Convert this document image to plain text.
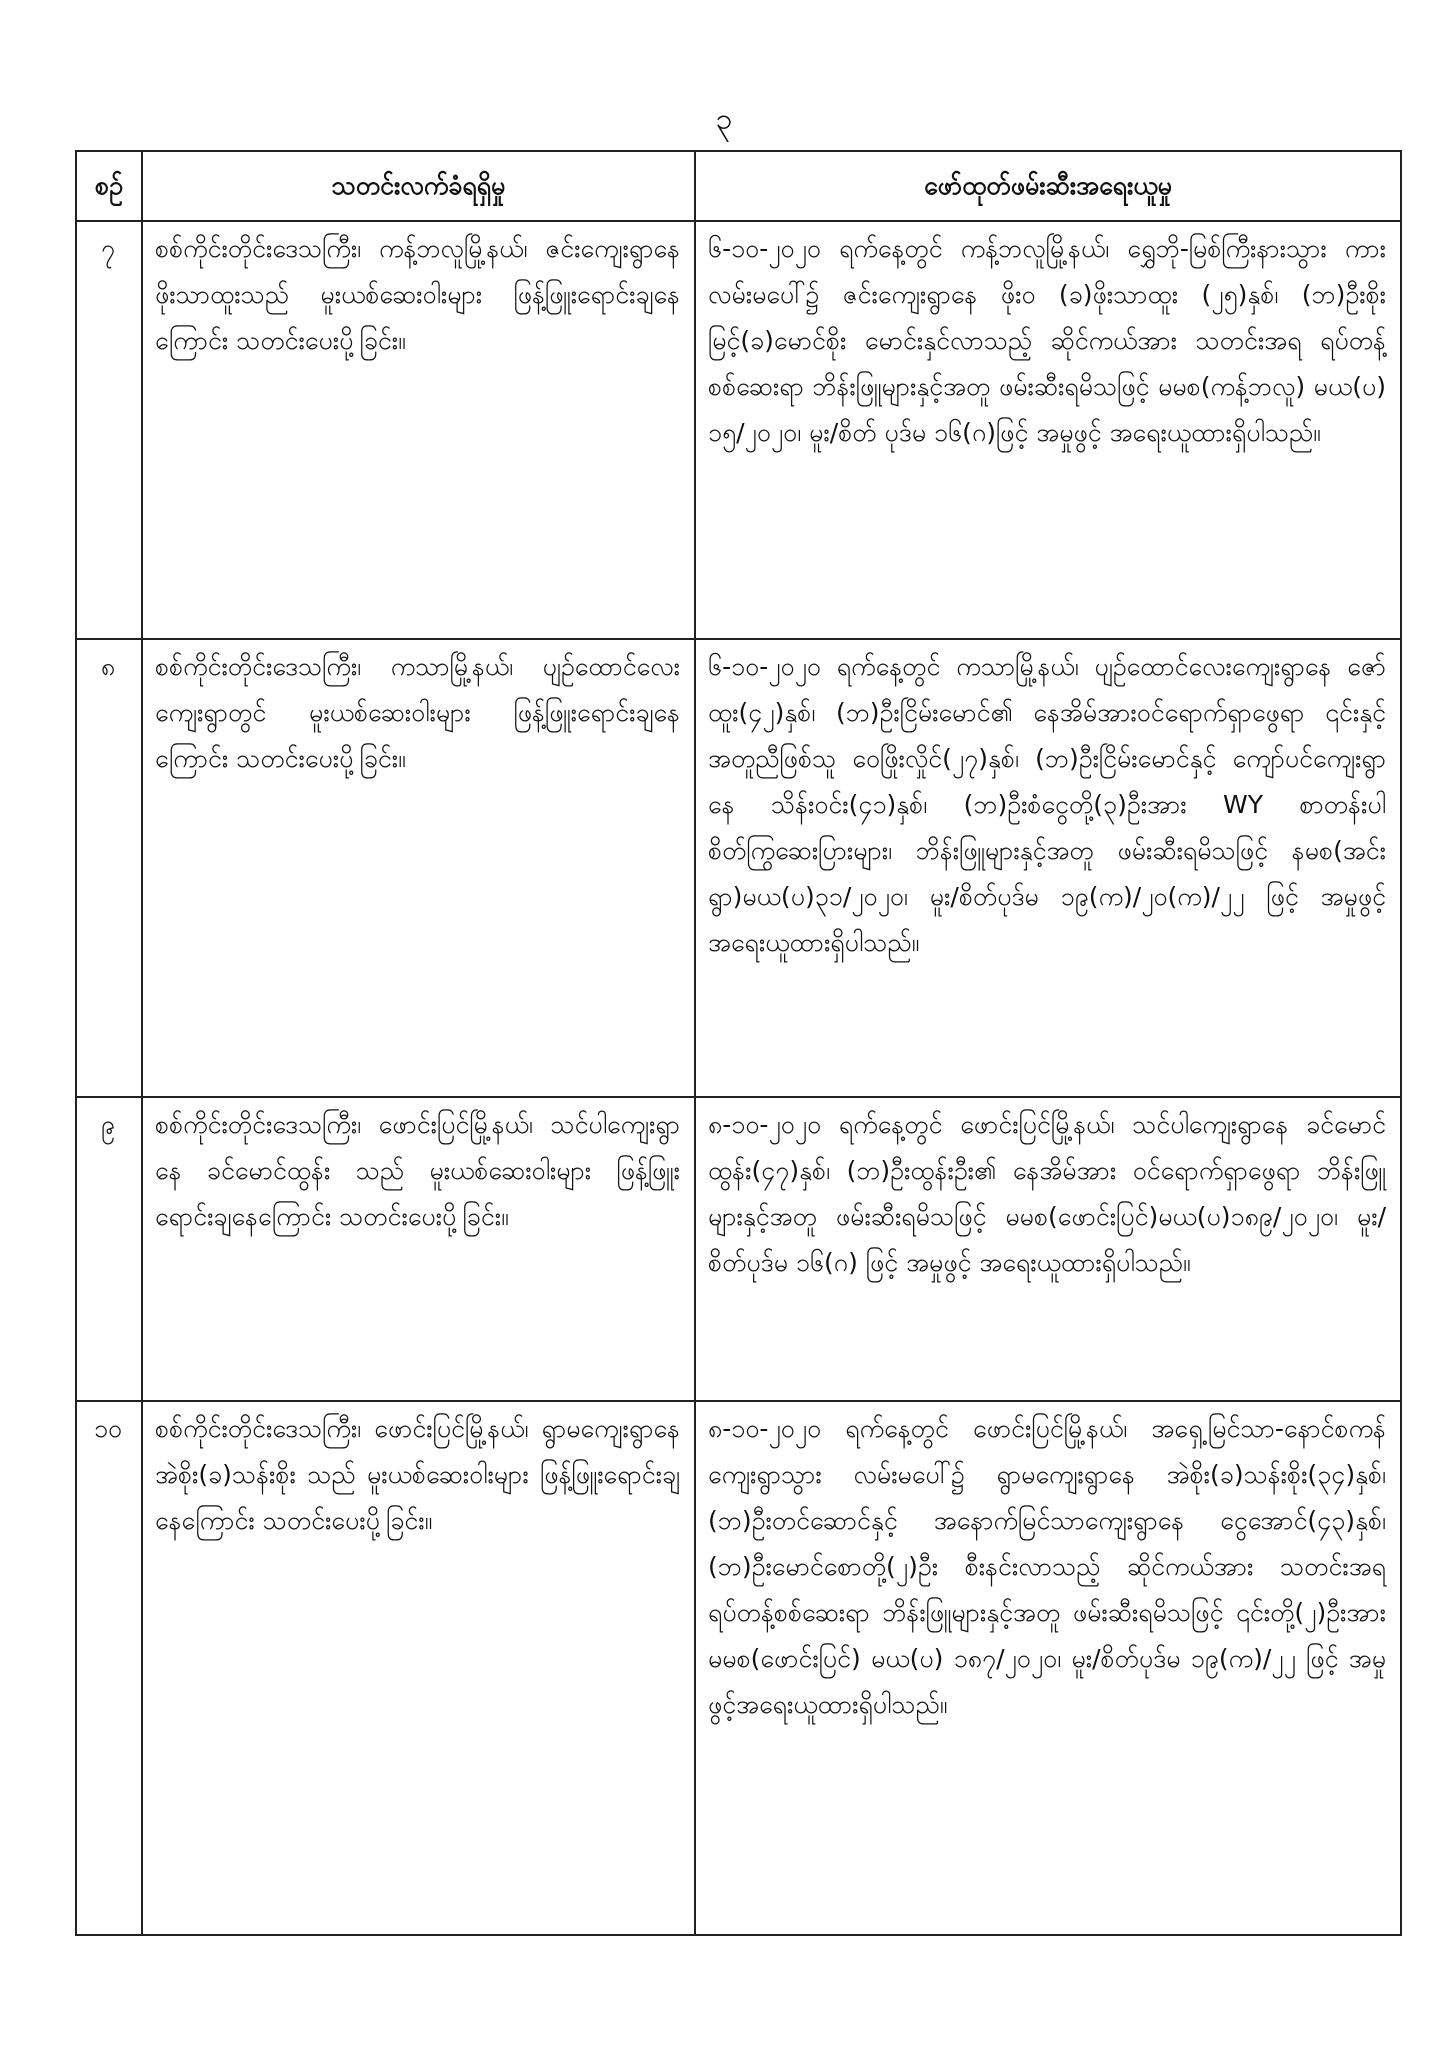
၃
စဉ်	သတင်းလက်ခံရရှိမှု	ဖော်ထုတ်ဖမ်းဆီးအရေးယူမှု
၇	စစ်ကိုင်းတိုင်းဒေသကြီး၊ ကန့်ဘလူမြို့နယ်၊ ဇင်းကျေးရွာနေ ဖိုးသာထူးသည် မူးယစ်ဆေးဝါးများ ဖြန့်ဖြူးရောင်းချနေကြောင်း သတင်းပေးပို့ခြင်း။	၆-၁၀-၂၀၂၀ ရက်နေ့တွင် ကန့်ဘလူမြို့နယ်၊ ရွှေဘို-မြစ်ကြီးနားသွား ကားလမ်းမပေါ်၌ ဇင်းကျေးရွာနေ ဖိုးဝ (ခ)ဖိုးသာထူး (၂၅)နှစ်၊ (ဘ)ဦးစိုးမြင့်(ခ)မောင်စိုး မောင်းနှင်လာသည့် ဆိုင်ကယ်အား သတင်းအရ ရပ်တန့်စစ်ဆေးရာ ဘိန်းဖြူများနှင့်အတူ ဖမ်းဆီးရမိသဖြင့် မမစ(ကန့်ဘလူ) မယ(ပ) ၁၅/၂၀၂၀၊ မူး/စိတ် ပုဒ်မ ၁၆(ဂ)ဖြင့် အမှုဖွင့် အရေးယူထားရှိပါသည်။
၈	စစ်ကိုင်းတိုင်းဒေသကြီး၊ ကသာမြို့နယ်၊ ပျဉ်ထောင်လေးကျေးရွာတွင် မူးယစ်ဆေးဝါးများ ဖြန့်ဖြူးရောင်းချနေကြောင်း သတင်းပေးပို့ခြင်း။	၆-၁၀-၂၀၂၀ ရက်နေ့တွင် ကသာမြို့နယ်၊ ပျဉ်ထောင်လေးကျေးရွာနေ ဇော်ထူး(၄၂)နှစ်၊ (ဘ)ဦးငြိမ်းမောင်၏ နေအိမ်အားဝင်ရောက်ရှာဖွေရာ ၎င်းနှင့်အတူညီဖြစ်သူ ဝေဖြိုးလှိုင်(၂၇)နှစ်၊ (ဘ)ဦးငြိမ်းမောင်နှင့် ကျော်ပင်ကျေးရွာနေ သိန်းဝင်း(၄၁)နှစ်၊ (ဘ)ဦးစံငွေတို့(၃)ဦးအား WY စာတန်းပါ စိတ်ကြွဆေးပြားများ၊ ဘိန်းဖြူများနှင့်အတူ ဖမ်းဆီးရမိသဖြင့် နမစ(အင်းရွာ)မယ(ပ)၃၁/၂၀၂၀၊ မူး/စိတ်ပုဒ်မ ၁၉(က)/၂၀(က)/၂၂ ဖြင့် အမှုဖွင့် အရေးယူထားရှိပါသည်။
၉	စစ်ကိုင်းတိုင်းဒေသကြီး၊ ဖောင်းပြင်မြို့နယ်၊ သင်ပါကျေးရွာနေ ခင်မောင်ထွန်း သည် မူးယစ်ဆေးဝါးများ ဖြန့်ဖြူးရောင်းချနေကြောင်း သတင်းပေးပို့ခြင်း။	၈-၁၀-၂၀၂၀ ရက်နေ့တွင် ဖောင်းပြင်မြို့နယ်၊ သင်ပါကျေးရွာနေ ခင်မောင်ထွန်း(၄၇)နှစ်၊ (ဘ)ဦးထွန်းဦး၏ နေအိမ်အား ဝင်ရောက်ရှာဖွေရာ ဘိန်းဖြူများနှင့်အတူ ဖမ်းဆီးရမိသဖြင့် မမစ(ဖောင်းပြင်)မယ(ပ)၁၈၉/၂၀၂၀၊ မူး/စိတ်ပုဒ်မ ၁၆(ဂ) ဖြင့် အမှုဖွင့် အရေးယူထားရှိပါသည်။
၁၀	စစ်ကိုင်းတိုင်းဒေသကြီး၊ ဖောင်းပြင်မြို့နယ်၊ ရွာမကျေးရွာနေ အဲစိုး(ခ)သန်းစိုး သည် မူးယစ်ဆေးဝါးများ ဖြန့်ဖြူးရောင်းချနေကြောင်း သတင်းပေးပို့ခြင်း။	၈-၁၀-၂၀၂၀ ရက်နေ့တွင် ဖောင်းပြင်မြို့နယ်၊ အရှေ့မြင်သာ-နောင်စကန်ကျေးရွာသွား လမ်းမပေါ်၌ ရွာမကျေးရွာနေ အဲစိုး(ခ)သန်းစိုး(၃၄)နှစ်၊ (ဘ)ဦးတင်ဆောင်နှင့် အနောက်မြင်သာကျေးရွာနေ ငွေအောင်(၄၃)နှစ်၊ (ဘ)ဦးမောင်စောတို့(၂)ဦး စီးနင်းလာသည့် ဆိုင်ကယ်အား သတင်းအရရပ်တန့်စစ်ဆေးရာ ဘိန်းဖြူများနှင့်အတူ ဖမ်းဆီးရမိသဖြင့် ၎င်းတို့(၂)ဦးအား မမစ(ဖောင်းပြင်) မယ(ပ) ၁၈၇/၂၀၂၀၊ မူး/စိတ်ပုဒ်မ ၁၉(က)/၂၂ ဖြင့် အမှုဖွင့်အရေးယူထားရှိပါသည်။
